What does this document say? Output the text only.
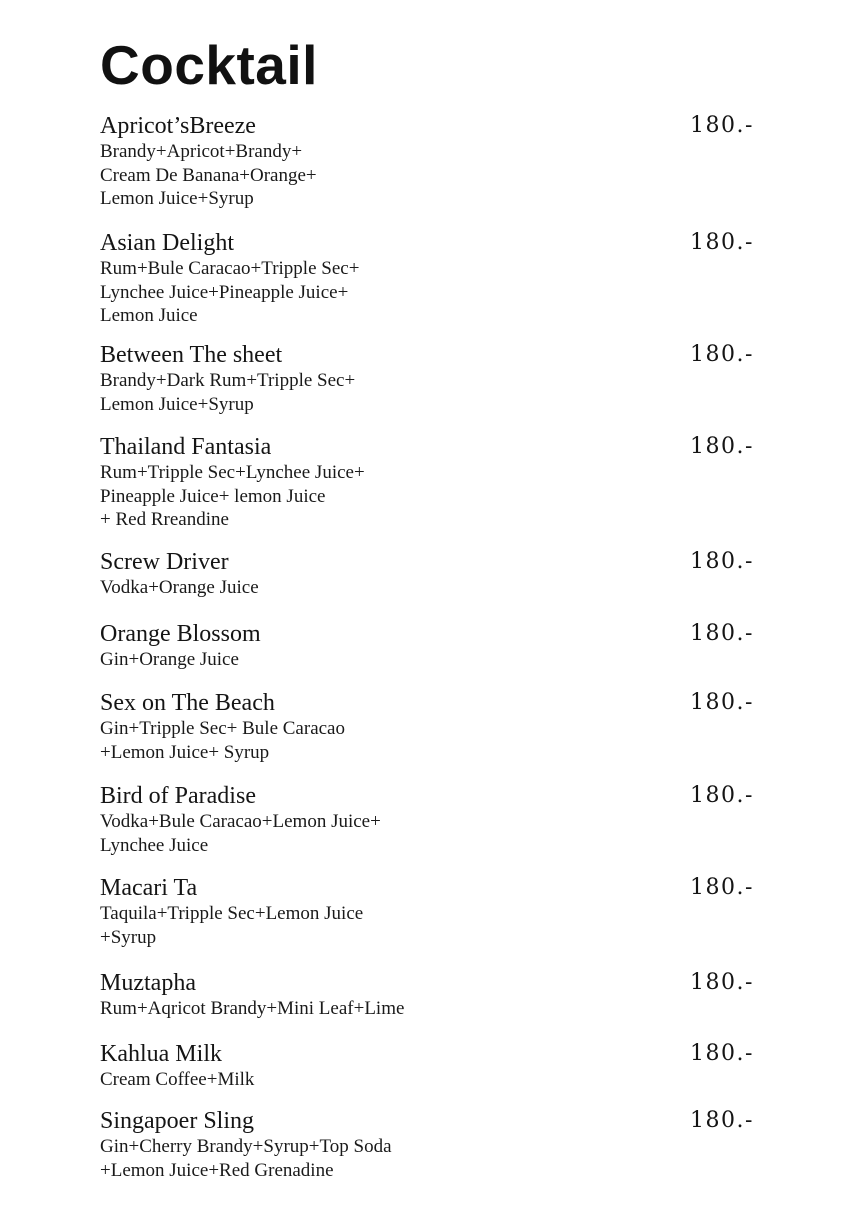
Cocktail
Apricot’sBreeze
Brandy+Apricot+Brandy+
Cream De Banana+Orange+
Lemon Juice+Syrup
180.-
Asian Delight
Rum+Bule Caracao+Tripple Sec+
Lynchee Juice+Pineapple Juice+
Lemon Juice
180.-
Between The sheet
Brandy+Dark Rum+Tripple Sec+
Lemon Juice+Syrup
180.-
Thailand Fantasia
Rum+Tripple Sec+Lynchee Juice+
Pineapple Juice+ lemon Juice
+ Red Rreandine
180.-
Screw Driver
Vodka+Orange Juice
180.-
Orange Blossom
Gin+Orange Juice
180.-
Sex on The Beach
Gin+Tripple Sec+ Bule Caracao
+Lemon Juice+ Syrup
180.-
Bird of Paradise
Vodka+Bule Caracao+Lemon Juice+
Lynchee Juice
180.-
Macari Ta
Taquila+Tripple Sec+Lemon Juice
+Syrup
180.-
Muztapha
Rum+Aqricot Brandy+Mini Leaf+Lime
180.-
Kahlua Milk
Cream Coffee+Milk
180.-
Singapoer Sling
Gin+Cherry Brandy+Syrup+Top Soda
+Lemon Juice+Red Grenadine
180.-
